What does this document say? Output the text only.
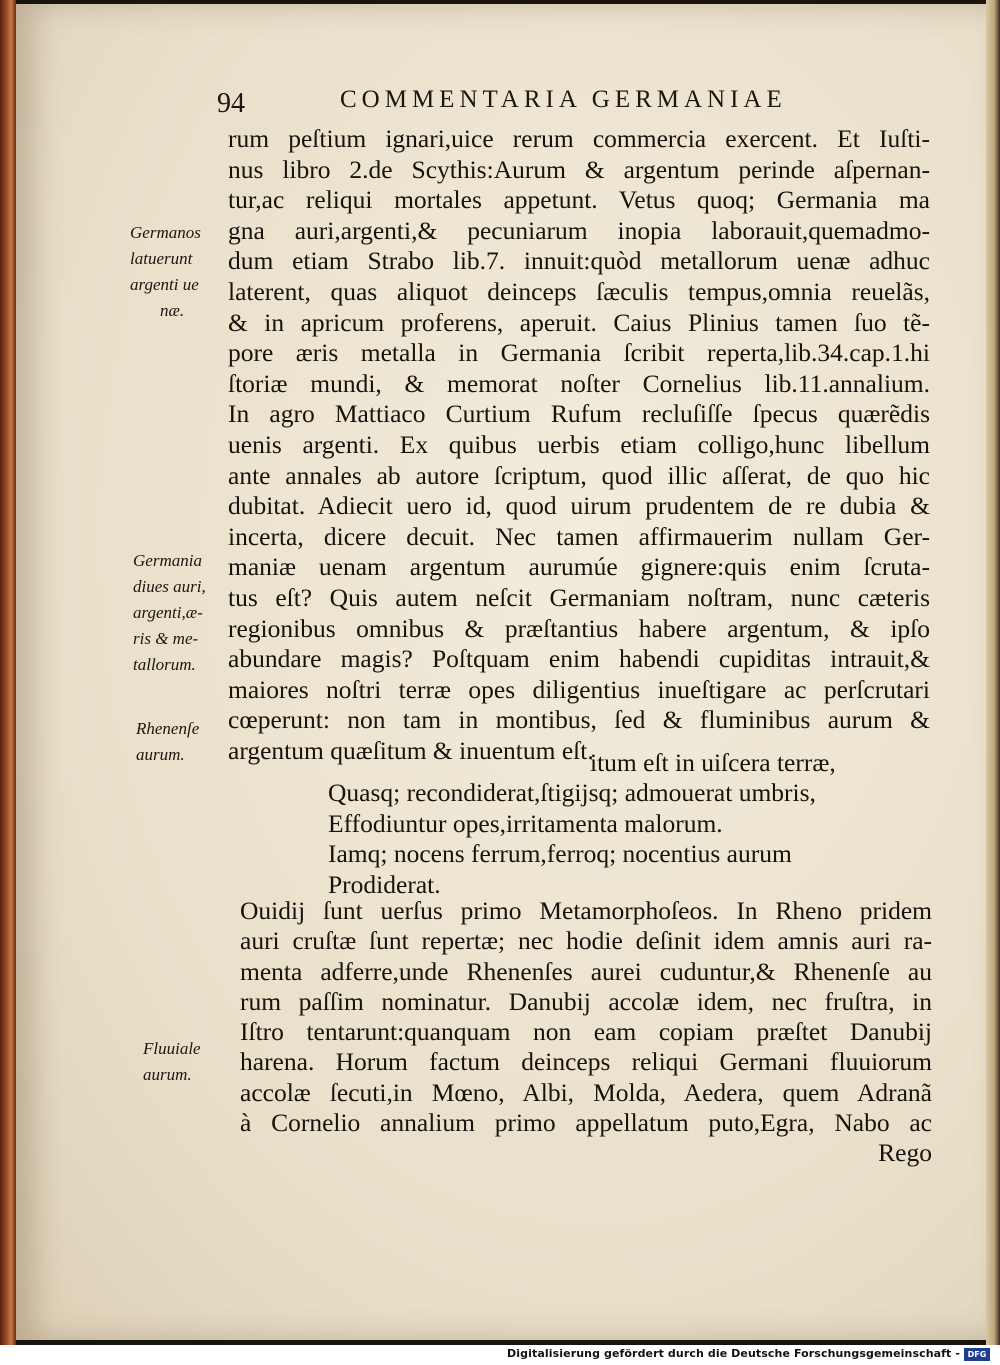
94	COMMENTARIA GERMANIAE
rum peſtium ignari,uice rerum commercia exercent. Et Iuſti-
nus libro 2.de Scythis:Aurum & argentum perinde aſpernan-
tur,ac reliqui mortales appetunt. Vetus quoq; Germania ma
gna auri,argenti,& pecuniarum inopia laborauit,quemadmo-
dum etiam Strabo lib.7. innuit:quòd metallorum uenæ adhuc
laterent, quas aliquot deinceps ſæculis tempus,omnia reuelãs,
& in apricum proferens, aperuit. Caius Plinius tamen ſuo tẽ-
pore æris metalla in Germania ſcribit reperta,lib.34.cap.1.hi
ſtoriæ mundi, & memorat noſter Cornelius lib.11.annalium.
In agro Mattiaco Curtium Rufum recluſiſſe ſpecus quærẽdis
uenis argenti. Ex quibus uerbis etiam colligo,hunc libellum
ante annales ab autore ſcriptum, quod illic aſſerat, de quo hic
dubitat. Adiecit uero id, quod uirum prudentem de re dubia &
incerta, dicere decuit. Nec tamen affirmauerim nullam Ger-
maniæ uenam argentum aurumúe gignere:quis enim ſcruta-
tus eſt? Quis autem neſcit Germaniam noſtram, nunc cæteris
regionibus omnibus & præſtantius habere argentum, & ipſo
abundare magis? Poſtquam enim habendi cupiditas intrauit,&
maiores noſtri terræ opes diligentius inueſtigare ac perſcrutari
cœperunt: non tam in montibus, ſed & fluminibus aurum &
argentum quæſitum & inuentum eſt.
itum eſt in uiſcera terræ,
Quasq; recondiderat,ſtigijsq; admouerat umbris,
Effodiuntur opes,irritamenta malorum.
Iamq; nocens ferrum,ferroq; nocentius aurum
Prodiderat.
Ouidij ſunt uerſus primo Metamorphoſeos. In Rheno pridem
auri cruſtæ ſunt repertæ; nec hodie deſinit idem amnis auri ra-
menta adferre,unde Rhenenſes aurei cuduntur,& Rhenenſe au
rum paſſim nominatur. Danubij accolæ idem, nec fruſtra, in
Iſtro tentarunt:quanquam non eam copiam præſtet Danubij
harena. Horum factum deinceps reliqui Germani fluuiorum
accolæ ſecuti,in Mœno, Albi, Molda, Aedera, quem Adranã
à Cornelio annalium primo appellatum puto,Egra, Nabo ac
Rego
Germanos
latuerunt
argenti ue
næ.
Germania
diues auri,
argenti,æ-
ris & me-
tallorum.
Rhenenſe
aurum.
Fluuiale
aurum.
Digitalisierung gefördert durch die Deutsche Forschungsgemeinschaft - DFG
